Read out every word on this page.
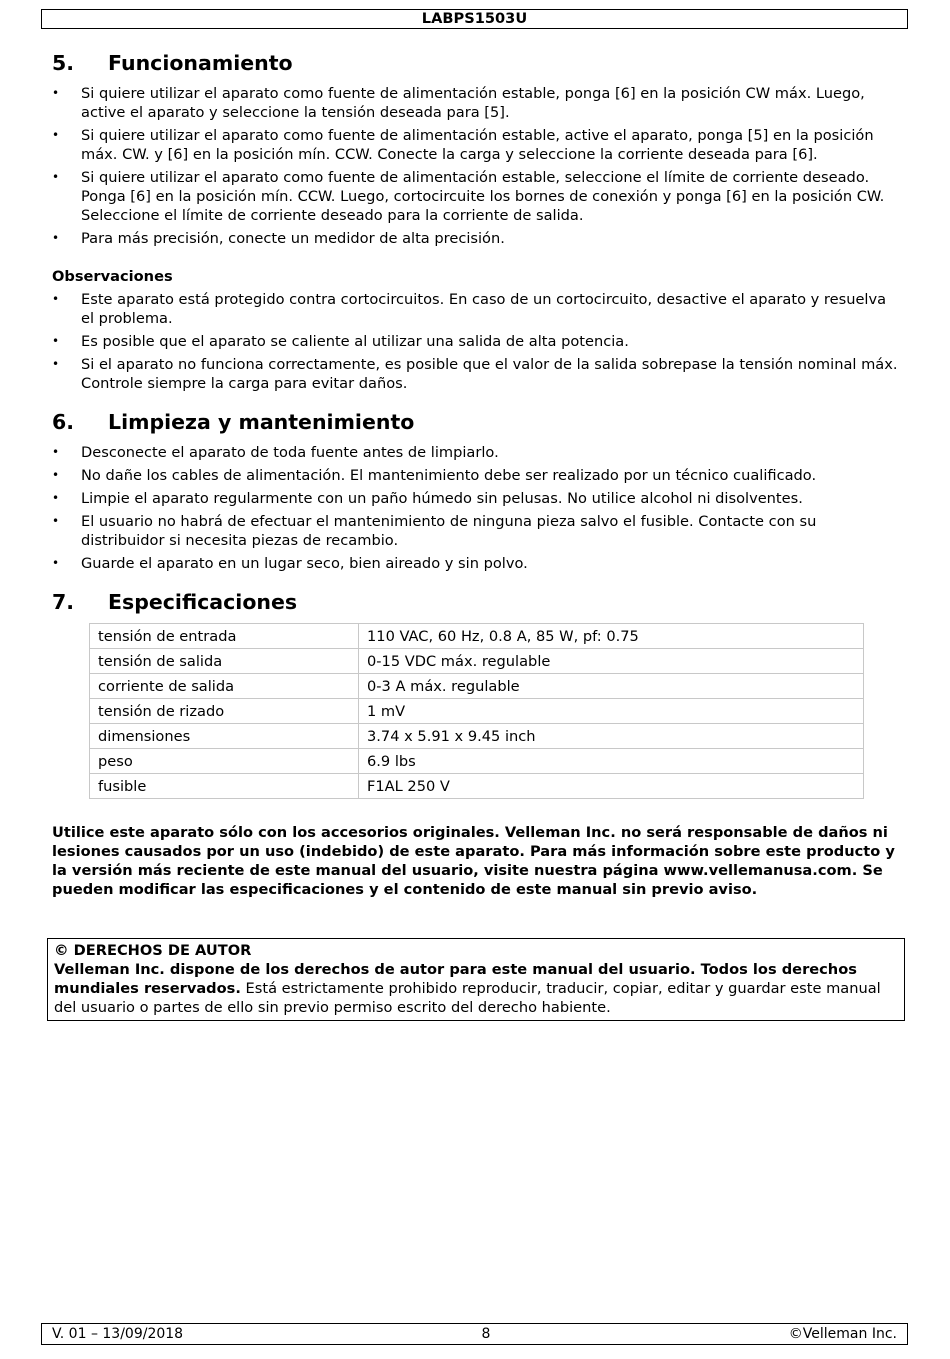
LABPS1503U
5.	Funcionamiento
• Si quiere utilizar el aparato como fuente de alimentación estable, ponga [6] en la posición CW máx. Luego, active el aparato y seleccione la tensión deseada para [5].
• Si quiere utilizar el aparato como fuente de alimentación estable, active el aparato, ponga [5] en la posición máx. CW. y [6] en la posición mín. CCW. Conecte la carga y seleccione la corriente deseada para [6].
• Si quiere utilizar el aparato como fuente de alimentación estable, seleccione el límite de corriente deseado. Ponga [6] en la posición mín. CCW. Luego, cortocircuite los bornes de conexión y ponga [6] en la posición CW. Seleccione el límite de corriente deseado para la corriente de salida.
• Para más precisión, conecte un medidor de alta precisión.
Observaciones
• Este aparato está protegido contra cortocircuitos. En caso de un cortocircuito, desactive el aparato y resuelva el problema.
• Es posible que el aparato se caliente al utilizar una salida de alta potencia.
• Si el aparato no funciona correctamente, es posible que el valor de la salida sobrepase la tensión nominal máx. Controle siempre la carga para evitar daños.
6.	Limpieza y mantenimiento
• Desconecte el aparato de toda fuente antes de limpiarlo.
• No dañe los cables de alimentación. El mantenimiento debe ser realizado por un técnico cualificado.
• Limpie el aparato regularmente con un paño húmedo sin pelusas. No utilice alcohol ni disolventes.
• El usuario no habrá de efectuar el mantenimiento de ninguna pieza salvo el fusible. Contacte con su distribuidor si necesita piezas de recambio.
• Guarde el aparato en un lugar seco, bien aireado y sin polvo.
7.	Especificaciones
tensión de entrada	110 VAC, 60 Hz, 0.8 A, 85 W, pf: 0.75
tensión de salida	0-15 VDC máx. regulable
corriente de salida	0-3 A máx. regulable
tensión de rizado	1 mV
dimensiones	3.74 x 5.91 x 9.45 inch
peso	6.9 lbs
fusible	F1AL 250 V

Utilice este aparato sólo con los accesorios originales. Velleman Inc. no será responsable de daños ni lesiones causados por un uso (indebido) de este aparato. Para más información sobre este producto y la versión más reciente de este manual del usuario, visite nuestra página www.vellemanusa.com. Se pueden modificar las especificaciones y el contenido de este manual sin previo aviso.

© DERECHOS DE AUTOR
Velleman Inc. dispone de los derechos de autor para este manual del usuario. Todos los derechos mundiales reservados. Está estrictamente prohibido reproducir, traducir, copiar, editar y guardar este manual del usuario o partes de ello sin previo permiso escrito del derecho habiente.
V. 01 – 13/09/2018	8	©Velleman Inc.
